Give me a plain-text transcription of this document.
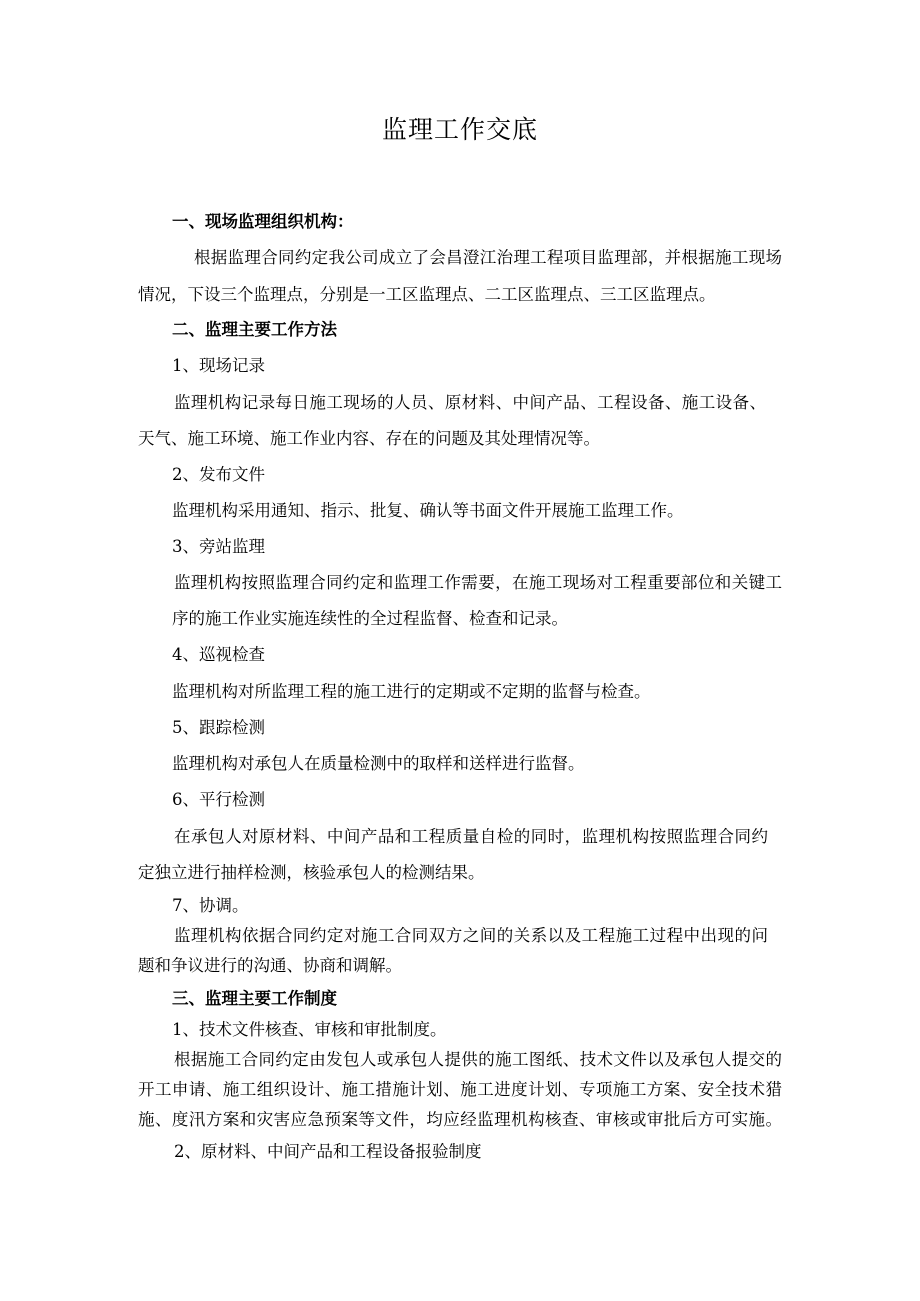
监理工作交底
一、现场监理组织机构：
根据监理合同约定我公司成立了会昌澄江治理工程项目监理部，并根据施工现场
情况，下设三个监理点，分别是一工区监理点、二工区监理点、三工区监理点。
二、监理主要工作方法
1、现场记录
监理机构记录每日施工现场的人员、原材料、中间产品、工程设备、施工设备、
天气、施工环境、施工作业内容、存在的问题及其处理情况等。
2、发布文件
监理机构采用通知、指示、批复、确认等书面文件开展施工监理工作。
3、旁站监理
监理机构按照监理合同约定和监理工作需要，在施工现场对工程重要部位和关键工
序的施工作业实施连续性的全过程监督、检查和记录。
4、巡视检查
监理机构对所监理工程的施工进行的定期或不定期的监督与检查。
5、跟踪检测
监理机构对承包人在质量检测中的取样和送样进行监督。
6、平行检测
在承包人对原材料、中间产品和工程质量自检的同时，监理机构按照监理合同约
定独立进行抽样检测，核验承包人的检测结果。
7、协调。
监理机构依据合同约定对施工合同双方之间的关系以及工程施工过程中出现的问
题和争议进行的沟通、协商和调解。
三、监理主要工作制度
1、技术文件核查、审核和审批制度。
根据施工合同约定由发包人或承包人提供的施工图纸、技术文件以及承包人提交的
开工申请、施工组织设计、施工措施计划、施工进度计划、专项施工方案、安全技术猎
施、度汛方案和灾害应急预案等文件，均应经监理机构核查、审核或审批后方可实施。
2、原材料、中间产品和工程设备报验制度
